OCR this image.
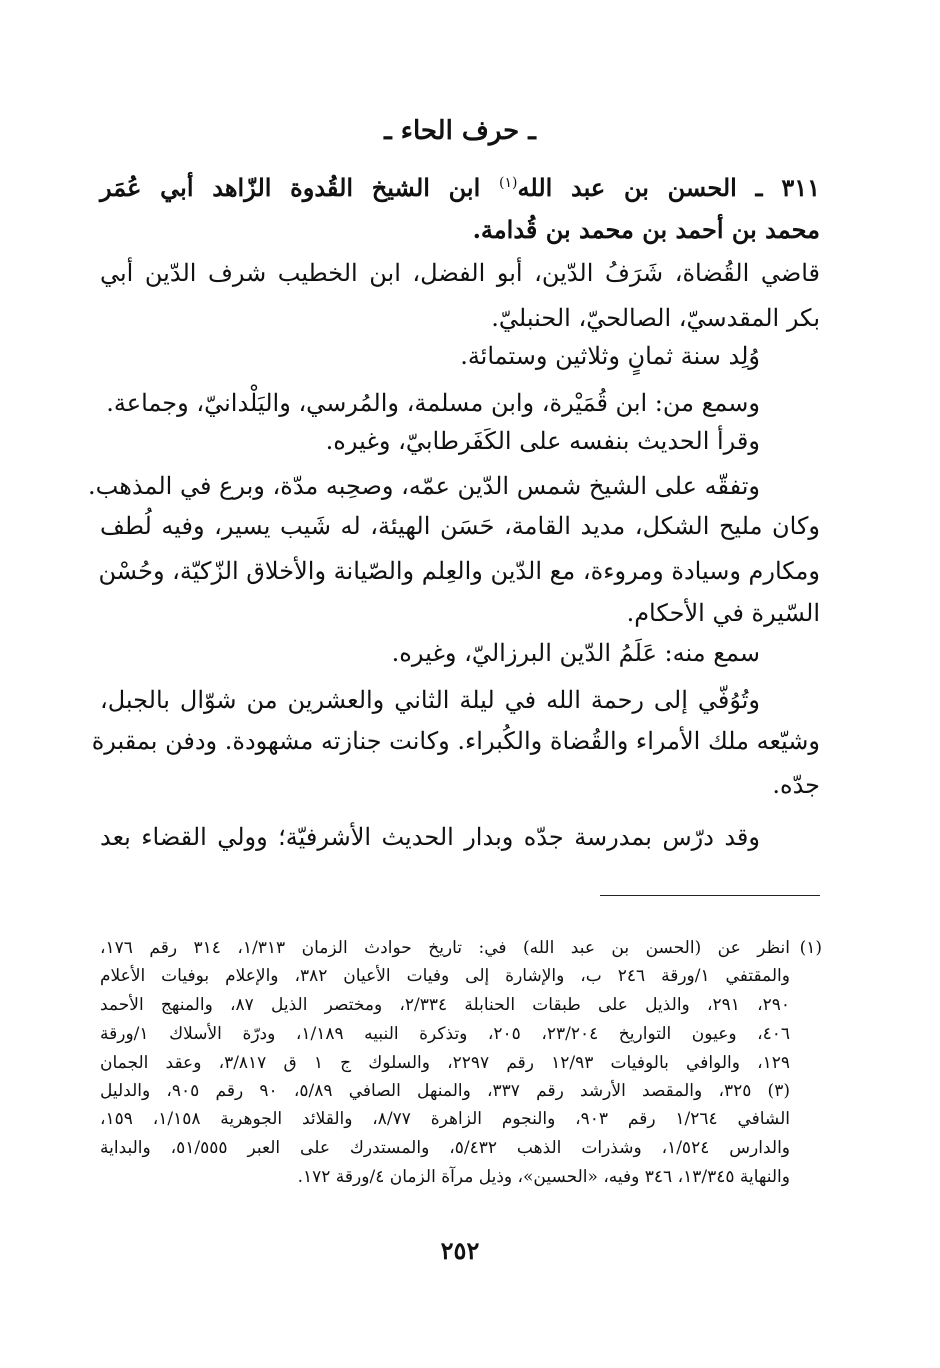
ـ حرف الحاء ـ
٣١١ ـ الحسن بن عبد الله$^{(١)}$ ابن الشيخ القُدوة الزّاهد أبي عُمَر
محمد بن أحمد بن محمد بن قُدامة.
قاضي القُضاة، شَرَفُ الدّين، أبو الفضل، ابن الخطيب شرف الدّين أبي
بكر المقدسيّ، الصالحيّ، الحنبليّ.
وُلِد سنة ثمانٍ وثلاثين وستمائة.
وسمع من: ابن قُمَيْرة، وابن مسلمة، والمُرسي، واليَلْدانيّ، وجماعة.
وقرأ الحديث بنفسه على الكَفَرطابيّ، وغيره.
وتفقّه على الشيخ شمس الدّين عمّه، وصحِبه مدّة، وبرع في المذهب.
وكان مليح الشكل، مديد القامة، حَسَن الهيئة، له شَيب يسير، وفيه لُطف
ومكارم وسيادة ومروءة، مع الدّين والعِلم والصّيانة والأخلاق الزّكيّة، وحُسْن
السّيرة في الأحكام.
سمع منه: عَلَمُ الدّين البرزاليّ، وغيره.
وتُوُفّي إلى رحمة الله في ليلة الثاني والعشرين من شوّال بالجبل،
وشيّعه ملك الأمراء والقُضاة والكُبراء. وكانت جنازته مشهودة. ودفن بمقبرة
جدّه.
وقد درّس بمدرسة جدّه وبدار الحديث الأشرفيّة؛ وولي القضاء بعد
(١)
انظر عن (الحسن بن عبد الله) في: تاريخ حوادث الزمان ١/٣١٣، ٣١٤ رقم ١٧٦،
والمقتفي ١/ورقة ٢٤٦ ب، والإشارة إلى وفيات الأعيان ٣٨٢، والإعلام بوفيات الأعلام
٢٩٠، ٢٩١، والذيل على طبقات الحنابلة ٢/٣٣٤، ومختصر الذيل ٨٧، والمنهج الأحمد
٤٠٦، وعيون التواريخ ٢٣/٢٠٤، ٢٠٥، وتذكرة النبيه ١/١٨٩، ودرّة الأسلاك ١/ورقة
١٢٩، والوافي بالوفيات ١٢/٩٣ رقم ٢٢٩٧، والسلوك ج ١ ق ٣/٨١٧، وعقد الجمان
(٣) ٣٢٥، والمقصد الأرشد رقم ٣٣٧، والمنهل الصافي ٥/٨٩، ٩٠ رقم ٩٠٥، والدليل
الشافي ١/٢٦٤ رقم ٩٠٣، والنجوم الزاهرة ٨/٧٧، والقلائد الجوهرية ١/١٥٨، ١٥٩،
والدارس ١/٥٢٤، وشذرات الذهب ٥/٤٣٢، والمستدرك على العبر ٥١/٥٥٥، والبداية
والنهاية ١٣/٣٤٥، ٣٤٦ وفيه، «الحسين»، وذيل مرآة الزمان ٤/ورقة ١٧٢.
٢٥٢
